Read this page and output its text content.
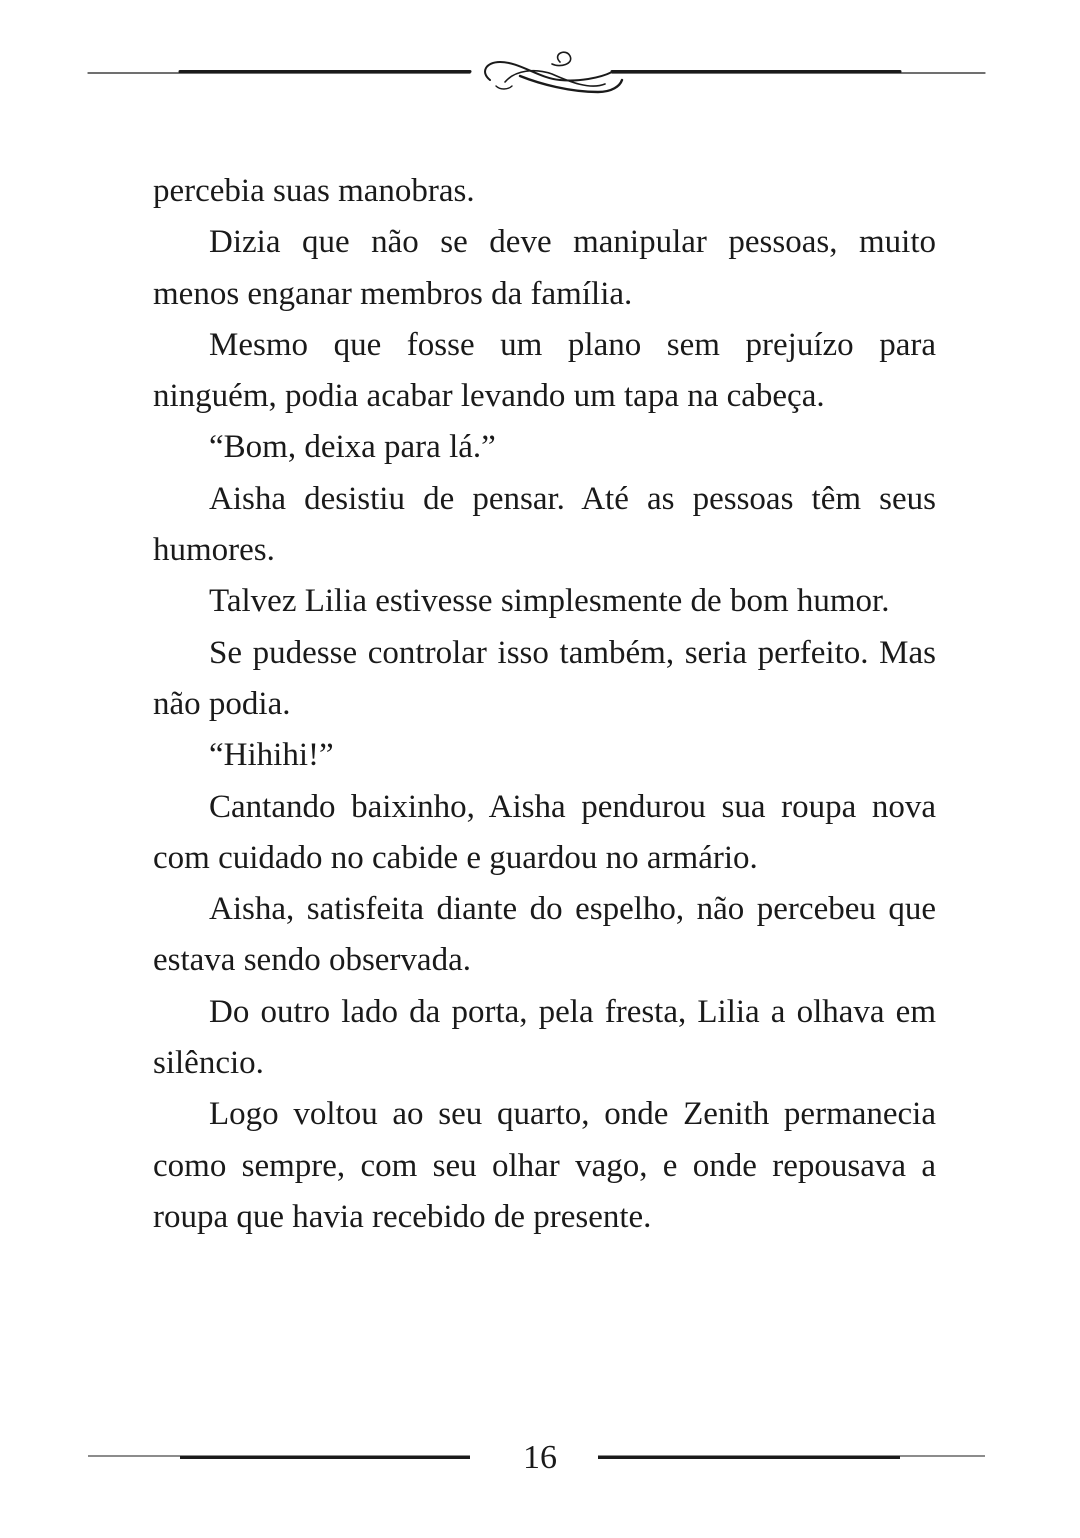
percebia suas manobras.

Dizia que não se deve manipular pessoas, muito menos enganar membros da família.

Mesmo que fosse um plano sem prejuízo para ninguém, podia acabar levando um tapa na cabeça.

“Bom, deixa para lá.”

Aisha desistiu de pensar. Até as pessoas têm seus humores.

Talvez Lilia estivesse simplesmente de bom humor.

Se pudesse controlar isso também, seria perfeito. Mas não podia.

“Hihihi!”

Cantando baixinho, Aisha pendurou sua roupa nova com cuidado no cabide e guardou no armário.

Aisha, satisfeita diante do espelho, não percebeu que estava sendo observada.

Do outro lado da porta, pela fresta, Lilia a olhava em silêncio.

Logo voltou ao seu quarto, onde Zenith permanecia como sempre, com seu olhar vago, e onde repousava a roupa que havia recebido de presente.

16
